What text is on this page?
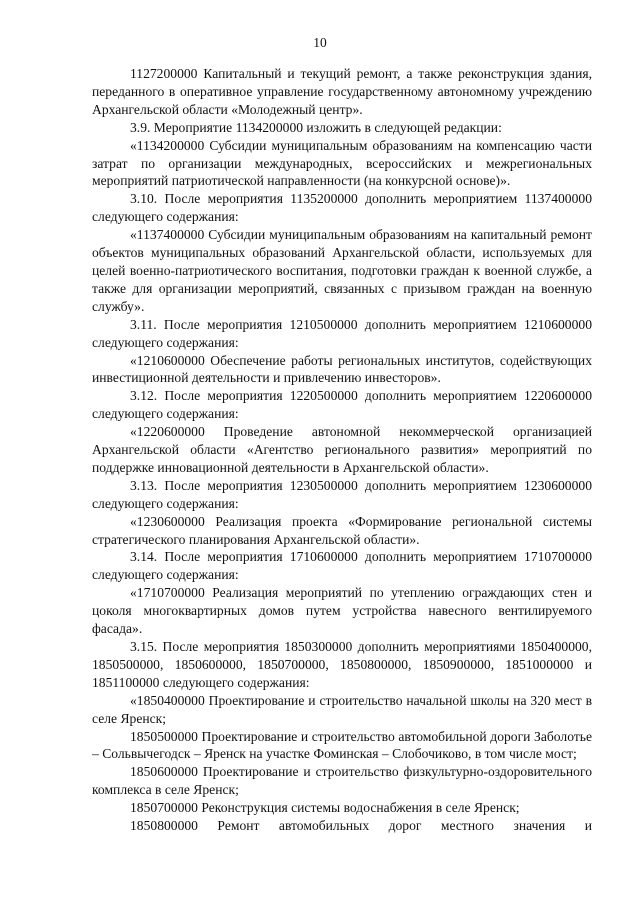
10

1127200000 Капитальный и текущий ремонт, а также реконструкция здания, переданного в оперативное управление государственному автономному учреждению Архангельской области «Молодежный центр».

3.9. Мероприятие 1134200000 изложить в следующей редакции:

«1134200000 Субсидии муниципальным образованиям на компенсацию части затрат по организации международных, всероссийских и межрегиональных мероприятий патриотической направленности (на конкурсной основе)».

3.10. После мероприятия 1135200000 дополнить мероприятием 1137400000 следующего содержания:

«1137400000 Субсидии муниципальным образованиям на капитальный ремонт объектов муниципальных образований Архангельской области, используемых для целей военно-патриотического воспитания, подготовки граждан к военной службе, а также для организации мероприятий, связанных с призывом граждан на военную службу».

3.11. После мероприятия 1210500000 дополнить мероприятием 1210600000 следующего содержания:

«1210600000 Обеспечение работы региональных институтов, содействующих инвестиционной деятельности и привлечению инвесторов».

3.12. После мероприятия 1220500000 дополнить мероприятием 1220600000 следующего содержания:

«1220600000 Проведение автономной некоммерческой организацией Архангельской области «Агентство регионального развития» мероприятий по поддержке инновационной деятельности в Архангельской области».

3.13. После мероприятия 1230500000 дополнить мероприятием 1230600000 следующего содержания:

«1230600000 Реализация проекта «Формирование региональной системы стратегического планирования Архангельской области».

3.14. После мероприятия 1710600000 дополнить мероприятием 1710700000 следующего содержания:

«1710700000 Реализация мероприятий по утеплению ограждающих стен и цоколя многоквартирных домов путем устройства навесного вентилируемого фасада».

3.15. После мероприятия 1850300000 дополнить мероприятиями 1850400000, 1850500000, 1850600000, 1850700000, 1850800000, 1850900000, 1851000000 и 1851100000 следующего содержания:

«1850400000 Проектирование и строительство начальной школы на 320 мест в селе Яренск;

1850500000 Проектирование и строительство автомобильной дороги Заболотье – Сольвычегодск – Яренск на участке Фоминская – Слобочиково, в том числе мост;

1850600000 Проектирование и строительство физкультурно-оздоровительного комплекса в селе Яренск;

1850700000 Реконструкция системы водоснабжения в селе Яренск;

1850800000 Ремонт автомобильных дорог местного значения и
